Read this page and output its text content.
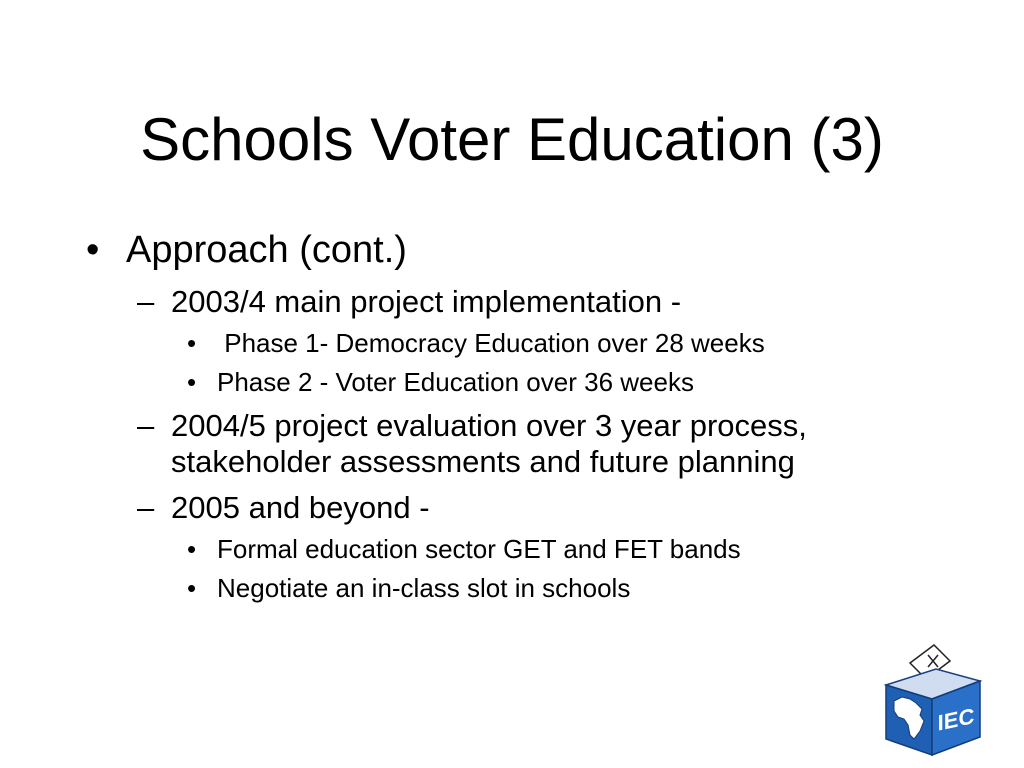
Schools Voter Education (3)
• Approach (cont.)
– 2003/4 main project implementation -
• Phase 1- Democracy Education over 28 weeks
• Phase 2 - Voter Education over 36 weeks
– 2004/5 project evaluation over 3 year process, stakeholder assessments and future planning
– 2005 and beyond -
• Formal education sector GET and FET bands
• Negotiate an in-class slot in schools
IEC
